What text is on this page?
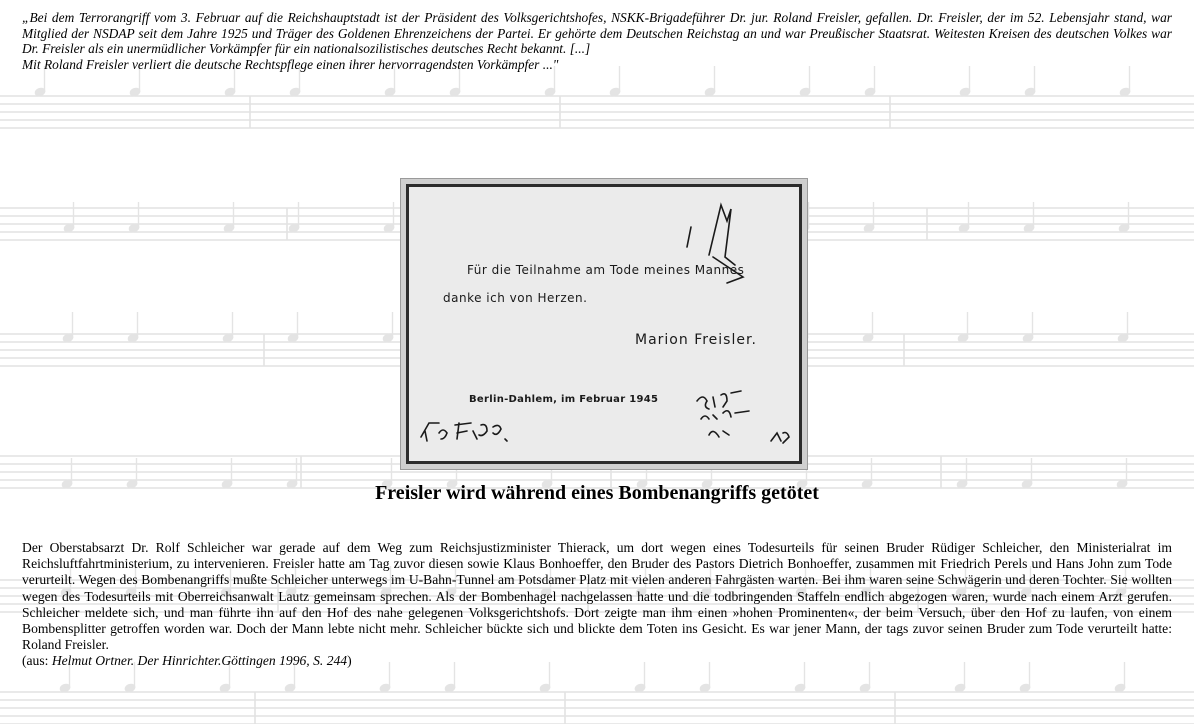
„Bei dem Terrorangriff vom 3. Februar auf die Reichshauptstadt ist der Präsident des Volksgerichtshofes, NSKK-Brigadeführer Dr. jur. Roland Freisler, gefallen. Dr. Freisler, der im 52. Lebensjahr stand, war Mitglied der NSDAP seit dem Jahre 1925 und Träger des Goldenen Ehrenzeichens der Partei. Er gehörte dem Deutschen Reichstag an und war Preußischer Staatsrat. Weitesten Kreisen des deutschen Volkes war Dr. Freisler als ein unermüdlicher Vorkämpfer für ein nationalsozilistisches deutsches Recht bekannt. [...]

Mit Roland Freisler verliert die deutsche Rechtspflege einen ihrer hervorragendsten Vorkämpfer ..."

Für die Teilnahme am Tode meines Mannes
danke ich von Herzen.
Marion Freisler.
Berlin-Dahlem, im Februar 1945
Freisler wird während eines Bombenangriffs getötet

Der Oberstabsarzt Dr. Rolf Schleicher war gerade auf dem Weg zum Reichsjustizminister Thierack, um dort wegen eines Todesurteils für seinen Bruder Rüdiger Schleicher, den Ministerialrat im Reichsluftfahrtministerium, zu intervenieren. Freisler hatte am Tag zuvor diesen sowie Klaus Bonhoeffer, den Bruder des Pastors Dietrich Bonhoeffer, zusammen mit Friedrich Perels und Hans John zum Tode verurteilt. Wegen des Bombenangriffs mußte Schleicher unterwegs im U-Bahn-Tunnel am Potsdamer Platz mit vielen anderen Fahrgästen warten. Bei ihm waren seine Schwägerin und deren Tochter. Sie wollten wegen des Todesurteils mit Oberreichsanwalt Lautz gemeinsam sprechen. Als der Bombenhagel nachgelassen hatte und die todbringenden Staffeln endlich abgezogen waren, wurde nach einem Arzt gerufen. Schleicher meldete sich, und man führte ihn auf den Hof des nahe gelegenen Volksgerichtshofs. Dort zeigte man ihm einen »hohen Prominenten«, der beim Versuch, über den Hof zu laufen, von einem Bombensplitter getroffen worden war. Doch der Mann lebte nicht mehr. Schleicher bückte sich und blickte dem Toten ins Gesicht. Es war jener Mann, der tags zuvor seinen Bruder zum Tode verurteilt hatte: Roland Freisler.

(aus: Helmut Ortner. Der Hinrichter.Göttingen 1996, S. 244)
